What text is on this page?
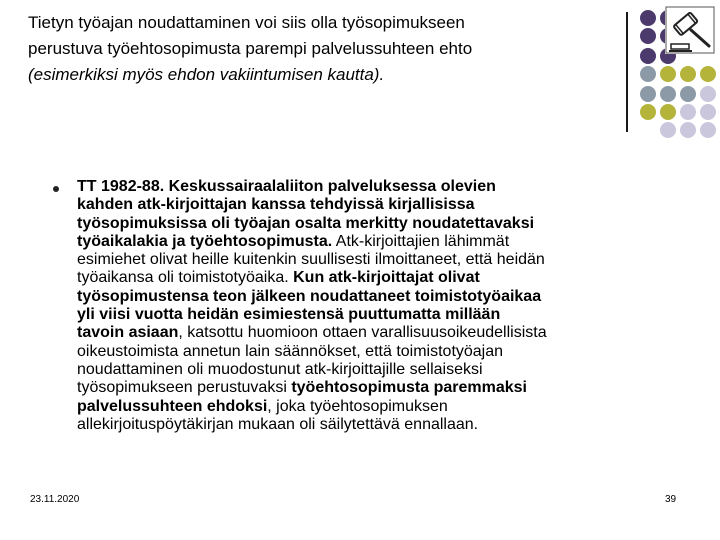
Tietyn työajan noudattaminen voi siis olla työsopimukseen
perustuva työehtosopimusta parempi palvelussuhteen ehto
(esimerkiksi myös ehdon vakiintumisen kautta).
TT 1982-88. Keskussairaalaliiton palveluksessa olevien
kahden atk-kirjoittajan kanssa tehdyissä kirjallisissa
työsopimuksissa oli työajan osalta merkitty noudatettavaksi
työaikalakia ja työehtosopimusta. Atk-kirjoittajien lähimmät
esimiehet olivat heille kuitenkin suullisesti ilmoittaneet, että heidän
työaikansa oli toimistotyöaika. Kun atk-kirjoittajat olivat
työsopimustensa teon jälkeen noudattaneet toimistotyöaikaa
yli viisi vuotta heidän esimiestensä puuttumatta millään
tavoin asiaan, katsottu huomioon ottaen varallisuusoikeudellisista
oikeustoimista annetun lain säännökset, että toimistotyöajan
noudattaminen oli muodostunut atk-kirjoittajille sellaiseksi
työsopimukseen perustuvaksi työehtosopimusta paremmaksi
palvelussuhteen ehdoksi, joka työehtosopimuksen
allekirjoituspöytäkirjan mukaan oli säilytettävä ennallaan.
23.11.2020	39
